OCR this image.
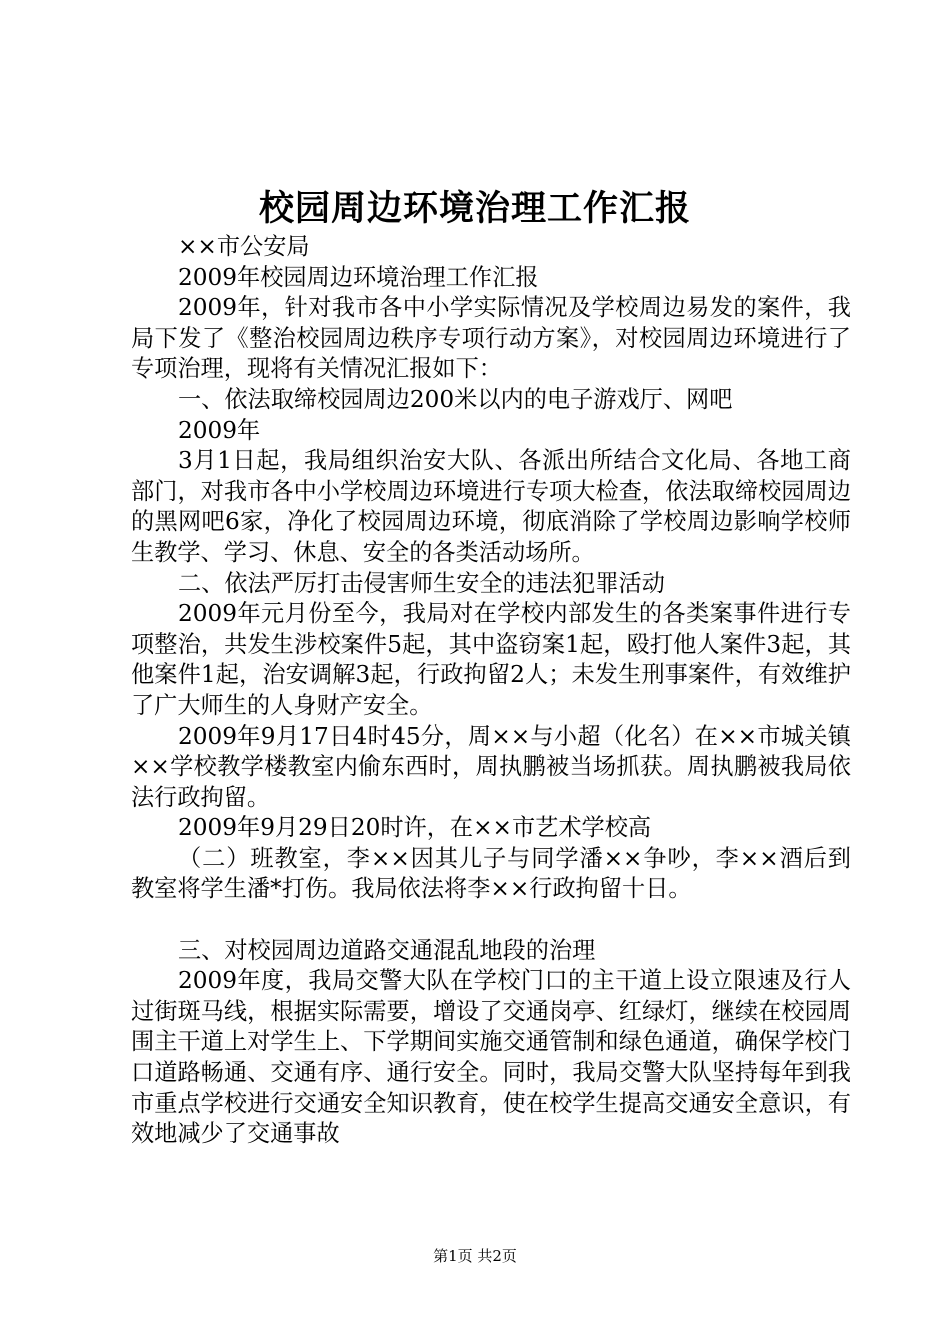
校园周边环境治理工作汇报

××市公安局

2009年校园周边环境治理工作汇报

2009年，针对我市各中小学实际情况及学校周边易发的案件，我局下发了《整治校园周边秩序专项行动方案》，对校园周边环境进行了专项治理，现将有关情况汇报如下：

一、依法取缔校园周边200米以内的电子游戏厅、网吧

2009年

3月1日起，我局组织治安大队、各派出所结合文化局、各地工商部门，对我市各中小学校周边环境进行专项大检查，依法取缔校园周边的黑网吧6家，净化了校园周边环境，彻底消除了学校周边影响学校师生教学、学习、休息、安全的各类活动场所。

二、依法严厉打击侵害师生安全的违法犯罪活动

2009年元月份至今，我局对在学校内部发生的各类案事件进行专项整治，共发生涉校案件5起，其中盗窃案1起，殴打他人案件3起，其他案件1起，治安调解3起，行政拘留2人；未发生刑事案件，有效维护了广大师生的人身财产安全。

2009年9月17日4时45分，周××与小超（化名）在××市城关镇××学校教学楼教室内偷东西时，周执鹏被当场抓获。周执鹏被我局依法行政拘留。

2009年9月29日20时许，在××市艺术学校高

（二）班教室，李××因其儿子与同学潘××争吵，李××酒后到教室将学生潘*打伤。我局依法将李××行政拘留十日。

三、对校园周边道路交通混乱地段的治理

2009年度，我局交警大队在学校门口的主干道上设立限速及行人过街斑马线，根据实际需要，增设了交通岗亭、红绿灯，继续在校园周围主干道上对学生上、下学期间实施交通管制和绿色通道，确保学校门口道路畅通、交通有序、通行安全。同时，我局交警大队坚持每年到我市重点学校进行交通安全知识教育，使在校学生提高交通安全意识，有效地减少了交通事故

第1页 共2页
